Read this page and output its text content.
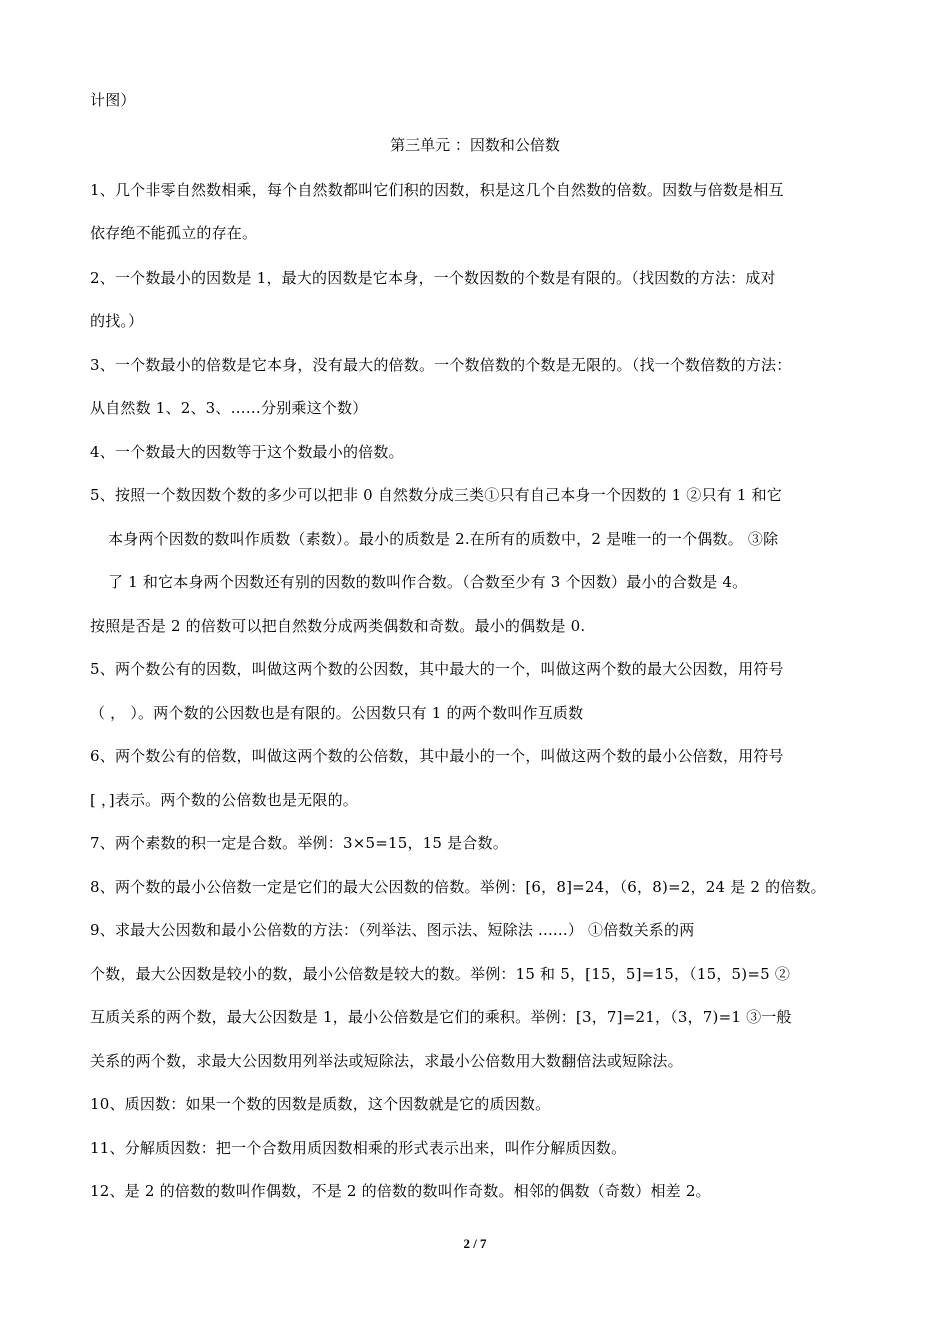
计图）
第三单元 ：因数和公倍数
1、几个非零自然数相乘，每个自然数都叫它们积的因数，积是这几个自然数的倍数。因数与倍数是相互
依存绝不能孤立的存在。
2、一个数最小的因数是 1，最大的因数是它本身，一个数因数的个数是有限的。（找因数的方法：成对
的找。）
3、一个数最小的倍数是它本身，没有最大的倍数。一个数倍数的个数是无限的。（找一个数倍数的方法：
从自然数 1、2、3、……分别乘这个数）
4、一个数最大的因数等于这个数最小的倍数。
5、按照一个数因数个数的多少可以把非 0 自然数分成三类①只有自己本身一个因数的 1 ②只有 1 和它
本身两个因数的数叫作质数（素数）。最小的质数是 2.在所有的质数中，2 是唯一的一个偶数。 ③除
了 1 和它本身两个因数还有别的因数的数叫作合数。（合数至少有 3 个因数）最小的合数是 4。
按照是否是 2 的倍数可以把自然数分成两类偶数和奇数。最小的偶数是 0.
5、两个数公有的因数，叫做这两个数的公因数，其中最大的一个，叫做这两个数的最大公因数，用符号
（ ， ）。两个数的公因数也是有限的。公因数只有 1 的两个数叫作互质数
6、两个数公有的倍数，叫做这两个数的公倍数，其中最小的一个，叫做这两个数的最小公倍数，用符号
[ ，]表示。两个数的公倍数也是无限的。
7、两个素数的积一定是合数。举例：3×5=15，15 是合数。
8、两个数的最小公倍数一定是它们的最大公因数的倍数。举例：[6，8]=24，（6，8)=2，24 是 2 的倍数。
9、求最大公因数和最小公倍数的方法：（列举法、图示法、短除法 ......） ①倍数关系的两
个数，最大公因数是较小的数，最小公倍数是较大的数。举例：15 和 5，[15，5]=15，（15，5)=5 ②
互质关系的两个数，最大公因数是 1，最小公倍数是它们的乘积。举例：[3，7]=21，（3，7)=1 ③一般
关系的两个数，求最大公因数用列举法或短除法，求最小公倍数用大数翻倍法或短除法。
10、质因数：如果一个数的因数是质数，这个因数就是它的质因数。
11、分解质因数：把一个合数用质因数相乘的形式表示出来，叫作分解质因数。
12、是 2 的倍数的数叫作偶数，不是 2 的倍数的数叫作奇数。相邻的偶数（奇数）相差 2。
2 / 7
